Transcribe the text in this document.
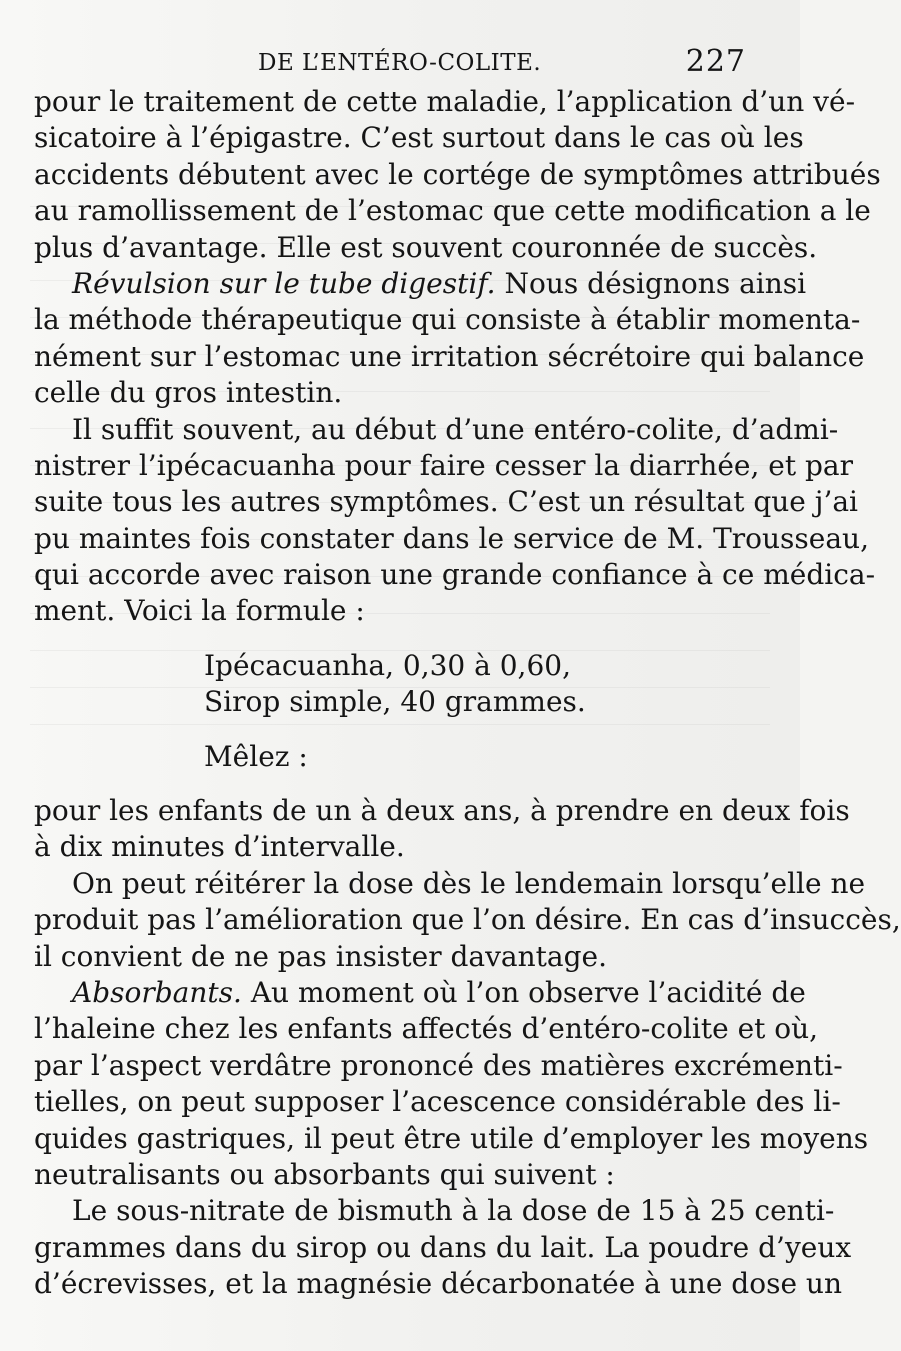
DE L’ENTÉRO-COLITE.	227
pour le traitement de cette maladie, l’application d’un vé-
sicatoire à l’épigastre. C’est surtout dans le cas où les
accidents débutent avec le cortége de symptômes attribués
au ramollissement de l’estomac que cette modification a le
plus d’avantage. Elle est souvent couronnée de succès.
Révulsion sur le tube digestif. Nous désignons ainsi
la méthode thérapeutique qui consiste à établir momenta-
nément sur l’estomac une irritation sécrétoire qui balance
celle du gros intestin.
Il suffit souvent, au début d’une entéro-colite, d’admi-
nistrer l’ipécacuanha pour faire cesser la diarrhée, et par
suite tous les autres symptômes. C’est un résultat que j’ai
pu maintes fois constater dans le service de M. Trousseau,
qui accorde avec raison une grande confiance à ce médica-
ment. Voici la formule :
Ipécacuanha, 0,30 à 0,60,
Sirop simple, 40 grammes.
Mêlez :
pour les enfants de un à deux ans, à prendre en deux fois
à dix minutes d’intervalle.
On peut réitérer la dose dès le lendemain lorsqu’elle ne
produit pas l’amélioration que l’on désire. En cas d’insuccès,
il convient de ne pas insister davantage.
Absorbants. Au moment où l’on observe l’acidité de
l’haleine chez les enfants affectés d’entéro-colite et où,
par l’aspect verdâtre prononcé des matières excrémenti-
tielles, on peut supposer l’acescence considérable des li-
quides gastriques, il peut être utile d’employer les moyens
neutralisants ou absorbants qui suivent :
Le sous-nitrate de bismuth à la dose de 15 à 25 centi-
grammes dans du sirop ou dans du lait. La poudre d’yeux
d’écrevisses, et la magnésie décarbonatée à une dose un
